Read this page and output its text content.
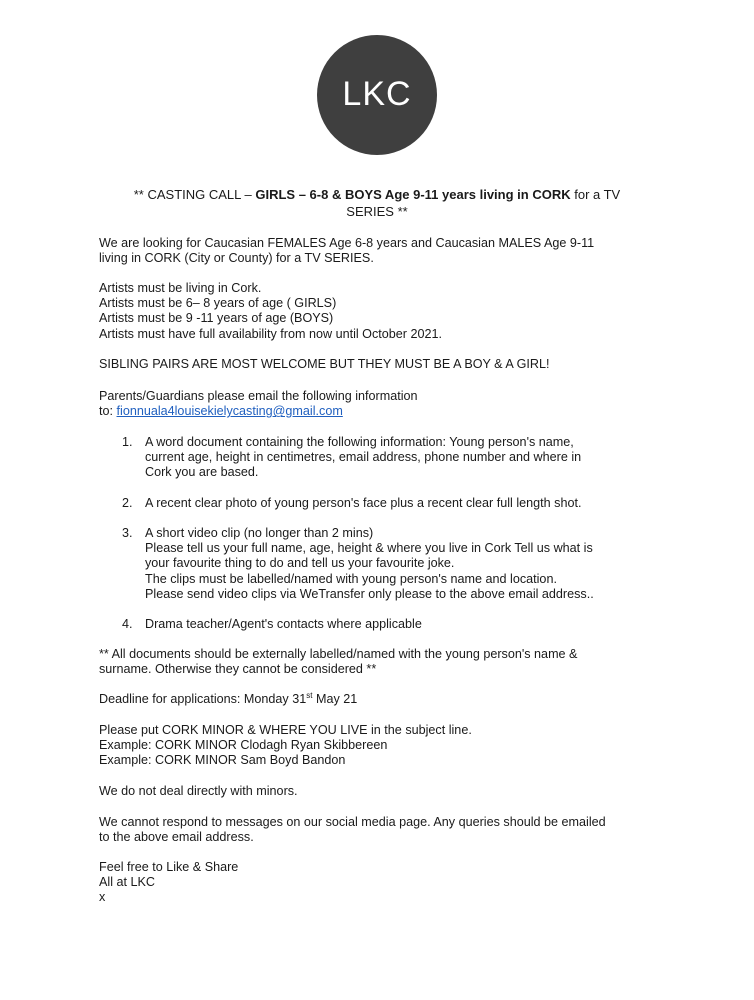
LKC
** CASTING CALL – GIRLS – 6-8 & BOYS Age 9-11 years living in CORK for a TV
SERIES **
We are looking for Caucasian FEMALES Age 6-8 years and Caucasian MALES Age 9-11
living in CORK (City or County) for a TV SERIES.
Artists must be living in Cork.
Artists must be 6– 8 years of age ( GIRLS)
Artists must be 9 -11 years of age (BOYS)
Artists must have full availability from now until October 2021.
SIBLING PAIRS ARE MOST WELCOME BUT THEY MUST BE A BOY & A GIRL!
Parents/Guardians please email the following information
to: fionnuala4louisekielycasting@gmail.com
1. A word document containing the following information: Young person's name,
current age, height in centimetres, email address, phone number and where in
Cork you are based.
2. A recent clear photo of young person's face plus a recent clear full length shot.
3. A short video clip (no longer than 2 mins)
Please tell us your full name, age, height & where you live in Cork Tell us what is
your favourite thing to do and tell us your favourite joke.
The clips must be labelled/named with young person's name and location.
Please send video clips via WeTransfer only please to the above email address..
4. Drama teacher/Agent's contacts where applicable
** All documents should be externally labelled/named with the young person's name &
surname. Otherwise they cannot be considered **
Deadline for applications: Monday 31st May 21
Please put CORK MINOR & WHERE YOU LIVE in the subject line.
Example: CORK MINOR Clodagh Ryan Skibbereen
Example: CORK MINOR Sam Boyd Bandon
We do not deal directly with minors.
We cannot respond to messages on our social media page. Any queries should be emailed
to the above email address.
Feel free to Like & Share
All at LKC
x
